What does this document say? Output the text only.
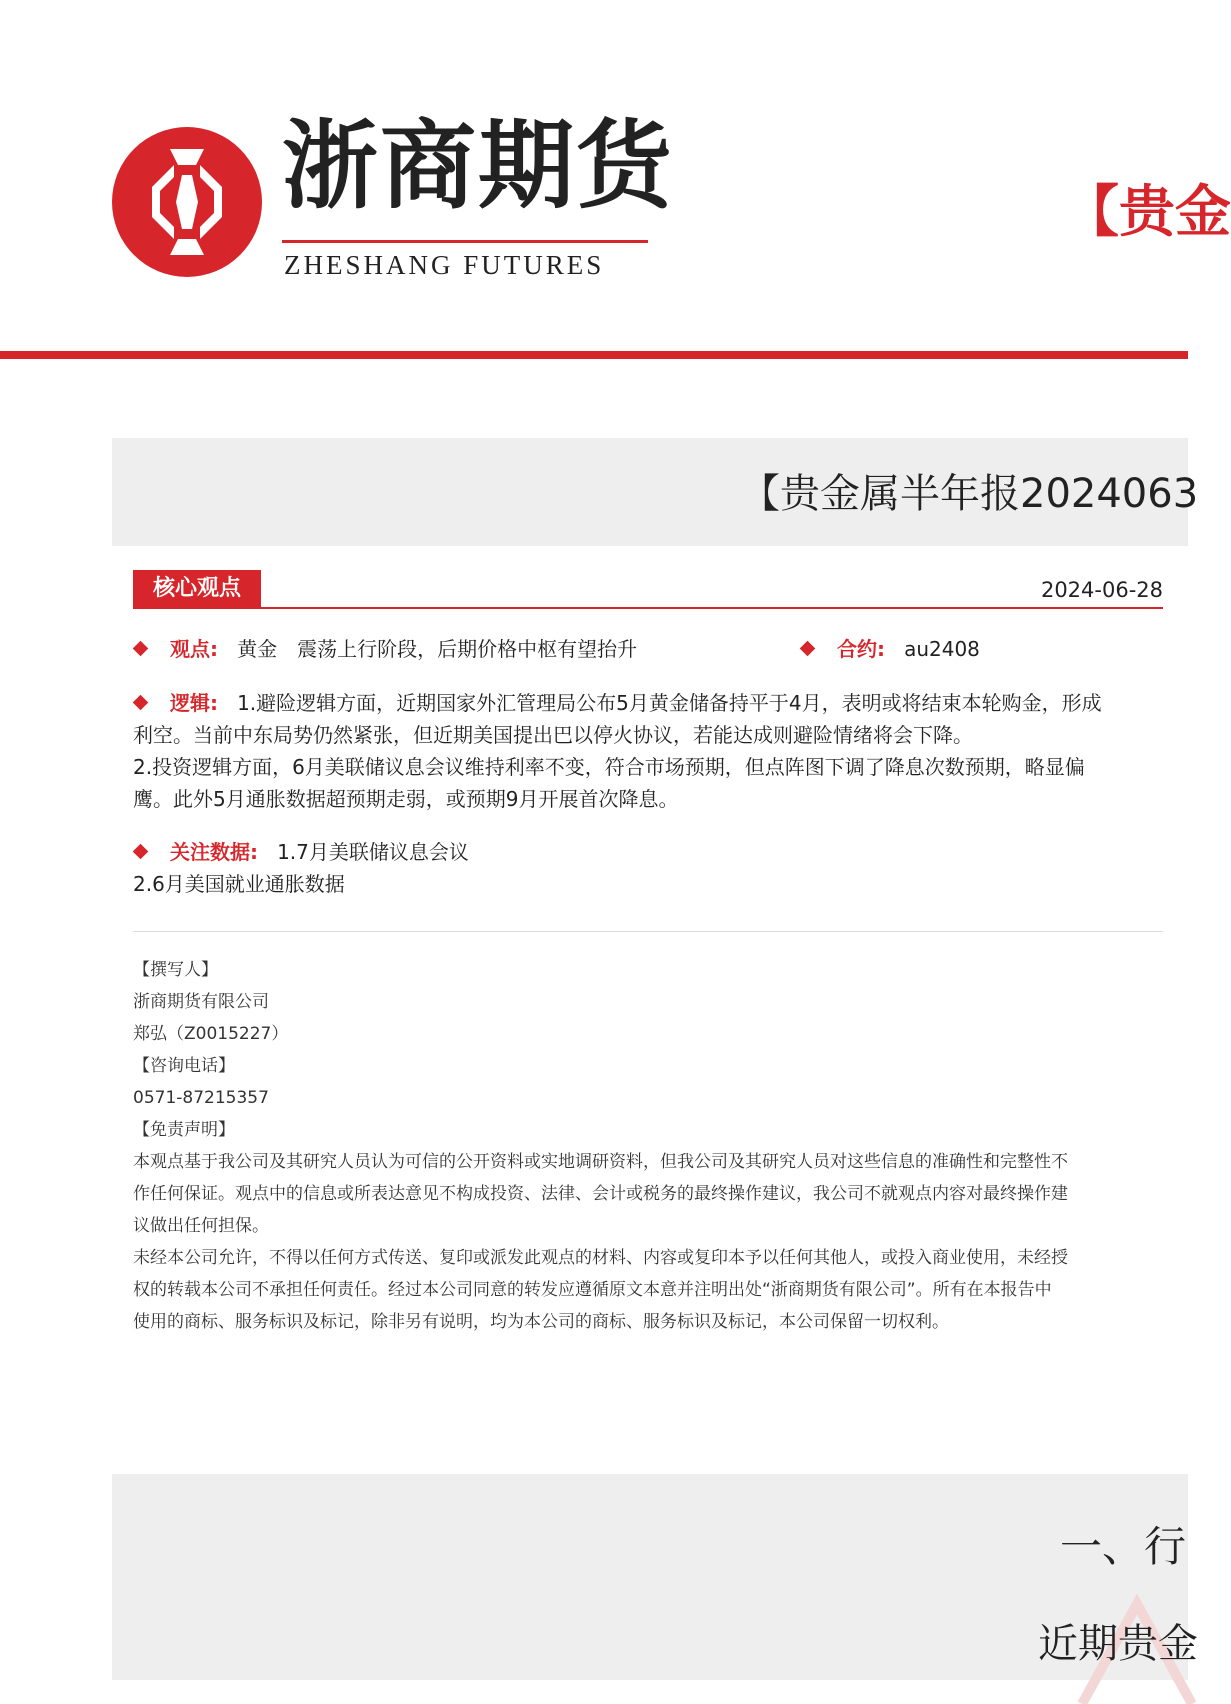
浙商期货
ZHESHANG FUTURES
【贵金
【贵金属半年报2024063
核心观点	2024-06-28
观点: 黄金　震荡上行阶段，后期价格中枢有望抬升	合约: au2408
逻辑: 1.避险逻辑方面，近期国家外汇管理局公布5月黄金储备持平于4月，表明或将结束本轮购金，形成
利空。当前中东局势仍然紧张，但近期美国提出巴以停火协议，若能达成则避险情绪将会下降。
2.投资逻辑方面，6月美联储议息会议维持利率不变，符合市场预期，但点阵图下调了降息次数预期，略显偏
鹰。此外5月通胀数据超预期走弱，或预期9月开展首次降息。
关注数据: 1.7月美联储议息会议
2.6月美国就业通胀数据
【撰写人】
浙商期货有限公司
郑弘（Z0015227）
【咨询电话】
0571-87215357
【免责声明】
本观点基于我公司及其研究人员认为可信的公开资料或实地调研资料，但我公司及其研究人员对这些信息的准确性和完整性不
作任何保证。观点中的信息或所表达意见不构成投资、法律、会计或税务的最终操作建议，我公司不就观点内容对最终操作建
议做出任何担保。
未经本公司允许，不得以任何方式传送、复印或派发此观点的材料、内容或复印本予以任何其他人，或投入商业使用，未经授
权的转载本公司不承担任何责任。经过本公司同意的转发应遵循原文本意并注明出处“浙商期货有限公司”。所有在本报告中
使用的商标、服务标识及标记，除非另有说明，均为本公司的商标、服务标识及标记，本公司保留一切权利。
一、行
近期贵金
